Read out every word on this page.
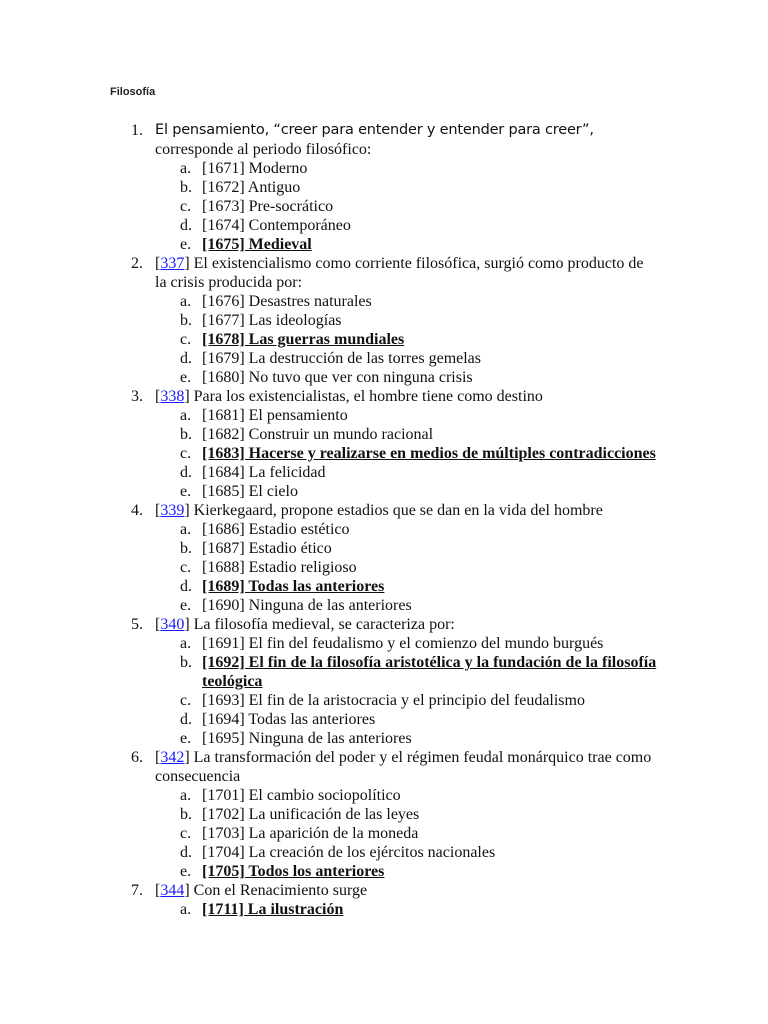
Filosofía
1. El pensamiento, “creer para entender y entender para creer”,
corresponde al periodo filosófico:
a. [1671] Moderno
b. [1672] Antiguo
c. [1673] Pre-socrático
d. [1674] Contemporáneo
e. [1675] Medieval
2. [337] El existencialismo como corriente filosófica, surgió como producto de la crisis producida por:
a. [1676] Desastres naturales
b. [1677] Las ideologías
c. [1678] Las guerras mundiales
d. [1679] La destrucción de las torres gemelas
e. [1680] No tuvo que ver con ninguna crisis
3. [338] Para los existencialistas, el hombre tiene como destino
a. [1681] El pensamiento
b. [1682] Construir un mundo racional
c. [1683] Hacerse y realizarse en medios de múltiples contradicciones
d. [1684] La felicidad
e. [1685] El cielo
4. [339] Kierkegaard, propone estadios que se dan en la vida del hombre
a. [1686] Estadio estético
b. [1687] Estadio ético
c. [1688] Estadio religioso
d. [1689] Todas las anteriores
e. [1690] Ninguna de las anteriores
5. [340] La filosofía medieval, se caracteriza por:
a. [1691] El fin del feudalismo y el comienzo del mundo burgués
b. [1692] El fin de la filosofía aristotélica y la fundación de la filosofía teológica
c. [1693] El fin de la aristocracia y el principio del feudalismo
d. [1694] Todas las anteriores
e. [1695] Ninguna de las anteriores
6. [342] La transformación del poder y el régimen feudal monárquico trae como consecuencia
a. [1701] El cambio sociopolítico
b. [1702] La unificación de las leyes
c. [1703] La aparición de la moneda
d. [1704] La creación de los ejércitos nacionales
e. [1705] Todos los anteriores
7. [344] Con el Renacimiento surge
a. [1711] La ilustración
